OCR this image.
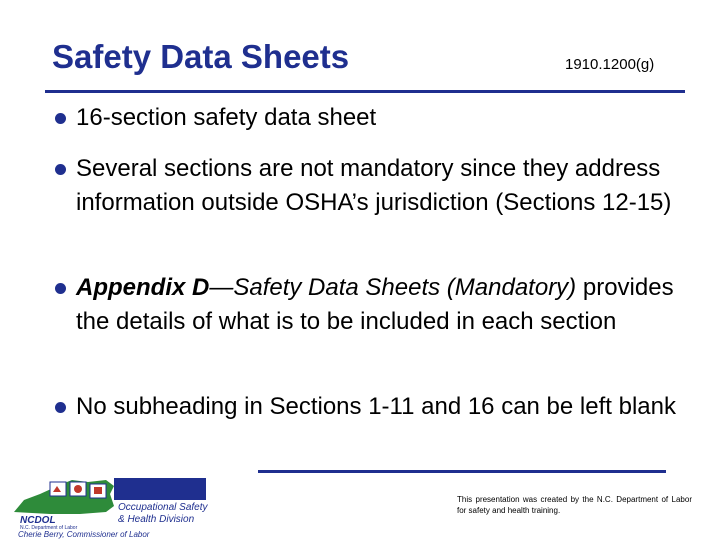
Safety Data Sheets	1910.1200(g)
16-section safety data sheet
Several sections are not mandatory since they address information outside OSHA’s jurisdiction (Sections 12-15)
Appendix D—Safety Data Sheets (Mandatory) provides the details of what is to be included in each section
No subheading in Sections 1-11 and 16 can be left blank
NCDOL
N.C. Department of Labor
Occupational Safety
& Health Division
Cherie Berry, Commissioner of Labor
This presentation was created by the N.C. Department of Labor for safety and health training.
